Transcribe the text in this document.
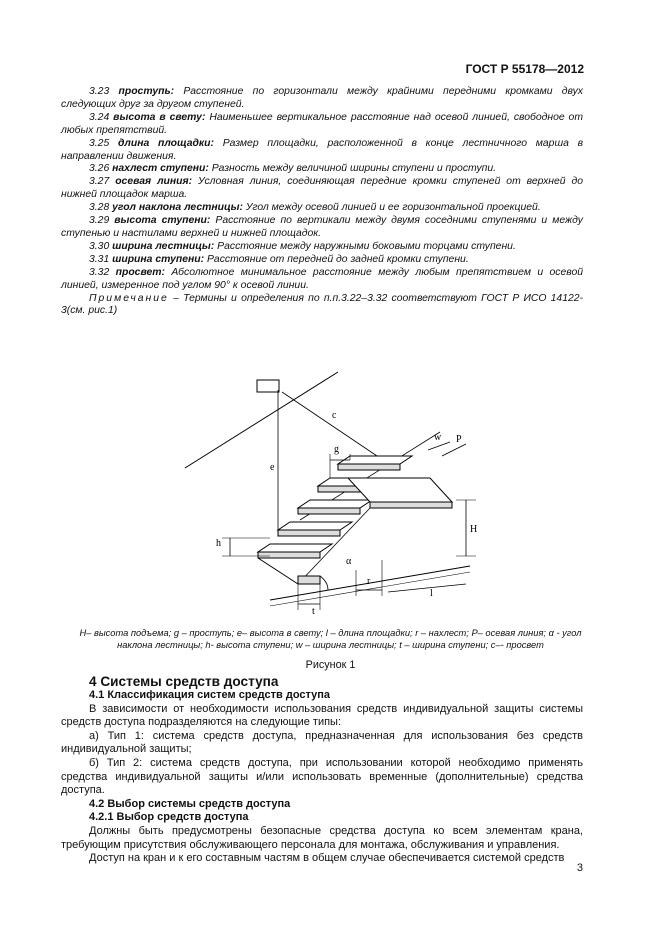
ГОСТ Р 55178—2012

3.23 проступь: Расстояние по горизонтали между крайними передними кромками двух следующих друг за другом ступеней.

3.24 высота в свету: Наименьшее вертикальное расстояние над осевой линией, свободное от любых препятствий.

3.25 длина площадки: Размер площадки, расположенной в конце лестничного марша в направлении движения.

3.26 нахлест ступени: Разность между величиной ширины ступени и проступи.

3.27 осевая линия: Условная линия, соединяющая передние кромки ступеней от верхней до нижней площадок марша.

3.28 угол наклона лестницы: Угол между осевой линией и ее горизонтальной проекцией.

3.29 высота ступени: Расстояние по вертикали между двумя соседними ступенями и между ступенью и настилами верхней и нижней площадок.

3.30 ширина лестницы: Расстояние между наружными боковыми торцами ступени.

3.31 ширина ступени: Расстояние от передней до задней кромки ступени.

3.32 просвет: Абсолютное минимальное расстояние между любым препятствием и осевой линией, измеренное под углом 90° к осевой линии.

Примечание – Термины и определения по п.п.3.22–3.32 соответствуют ГОСТ Р ИСО 14122-3(см. рис.1)

c
g
w P
e
H
h
α
r
t
l
H– высота подъема; g – проступь; е– высота в свету; l – длина площадки; r – нахлест; P– осевая линия; α - угол наклона лестницы; h- высота ступени; w – ширина лестницы; t – ширина ступени; с–- просвет
Рисунок 1

4 Системы средств доступа

4.1 Классификация систем средств доступа

В зависимости от необходимости использования средств индивидуальной защиты системы средств доступа подразделяются на следующие типы:

а) Тип 1: система средств доступа, предназначенная для использования без средств индивидуальной защиты;

б) Тип 2: система средств доступа, при использовании которой необходимо применять средства индивидуальной защиты и/или использовать временные (дополнительные) средства доступа.

4.2 Выбор системы средств доступа

4.2.1 Выбор средств доступа

Должны быть предусмотрены безопасные средства доступа ко всем элементам крана, требующим присутствия обслуживающего персонала для монтажа, обслуживания и управления.

Доступ на кран и к его составным частям в общем случае обеспечивается системой средств

3
